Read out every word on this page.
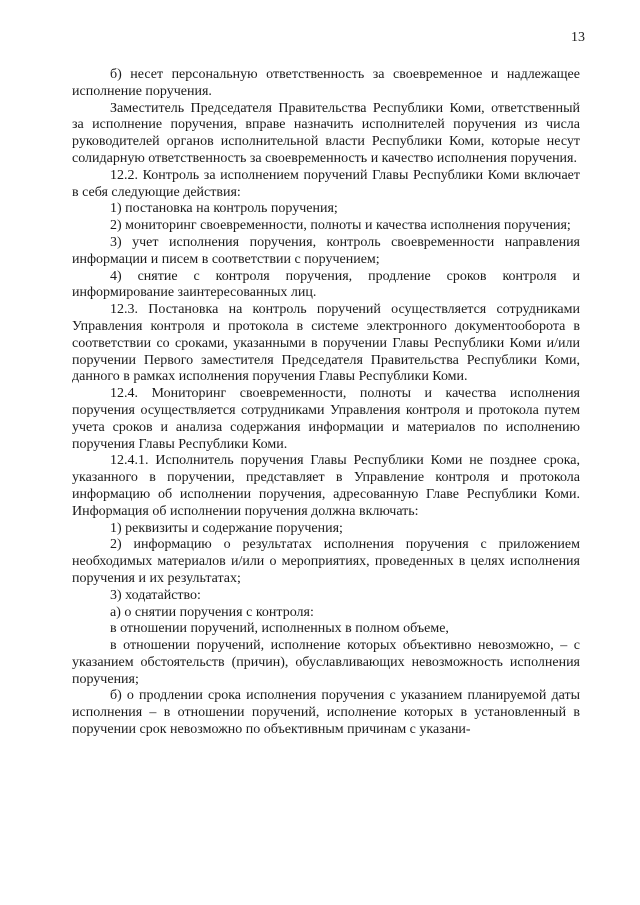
13

б) несет персональную ответственность за своевременное и надлежащее исполнение поручения.

Заместитель Председателя Правительства Республики Коми, ответственный за исполнение поручения, вправе назначить исполнителей поручения из числа руководителей органов исполнительной власти Республики Коми, которые несут солидарную ответственность за своевременность и качество исполнения поручения.

12.2. Контроль за исполнением поручений Главы Республики Коми включает в себя следующие действия:

1) постановка на контроль поручения;

2) мониторинг своевременности, полноты и качества исполнения поручения;

3) учет исполнения поручения, контроль своевременности направления информации и писем в соответствии с поручением;

4) снятие с контроля поручения, продление сроков контроля и информирование заинтересованных лиц.

12.3. Постановка на контроль поручений осуществляется сотрудниками Управления контроля и протокола в системе электронного документооборота в соответствии со сроками, указанными в поручении Главы Республики Коми и/или поручении Первого заместителя Председателя Правительства Республики Коми, данного в рамках исполнения поручения Главы Республики Коми.

12.4. Мониторинг своевременности, полноты и качества исполнения поручения осуществляется сотрудниками Управления контроля и протокола путем учета сроков и анализа содержания информации и материалов по исполнению поручения Главы Республики Коми.

12.4.1. Исполнитель поручения Главы Республики Коми не позднее срока, указанного в поручении, представляет в Управление контроля и протокола информацию об исполнении поручения, адресованную Главе Республики Коми. Информация об исполнении поручения должна включать:

1) реквизиты и содержание поручения;

2) информацию о результатах исполнения поручения с приложением необходимых материалов и/или о мероприятиях, проведенных в целях исполнения поручения и их результатах;

3) ходатайство:

а) о снятии поручения с контроля:

в отношении поручений, исполненных в полном объеме,

в отношении поручений, исполнение которых объективно невозможно, – с указанием обстоятельств (причин), обуславливающих невозможность исполнения поручения;

б) о продлении срока исполнения поручения с указанием планируемой даты исполнения – в отношении поручений, исполнение которых в установленный в поручении срок невозможно по объективным причинам с указани-
